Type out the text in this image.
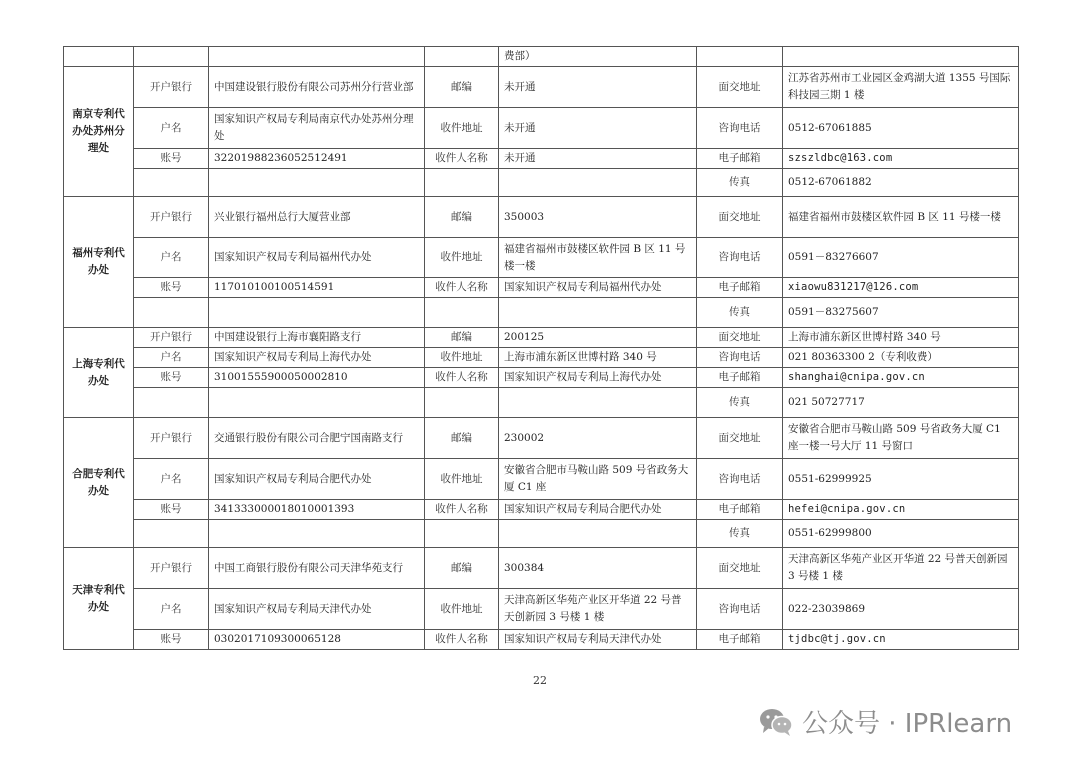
				费部）		
南京专利代办处苏州分理处	开户银行	中国建设银行股份有限公司苏州分行营业部	邮编	未开通	面交地址	江苏省苏州市工业园区金鸡湖大道 1355 号国际科技园三期 1 楼
	户名	国家知识产权局专利局南京代办处苏州分理处	收件地址	未开通	咨询电话	0512-67061885
	账号	32201988236052512491	收件人名称	未开通	电子邮箱	szszldbc@163.com
					传真	0512-67061882
福州专利代办处	开户银行	兴业银行福州总行大厦营业部	邮编	350003	面交地址	福建省福州市鼓楼区软件园 B 区 11 号楼一楼
	户名	国家知识产权局专利局福州代办处	收件地址	福建省福州市鼓楼区软件园 B 区 11 号楼一楼	咨询电话	0591－83276607
	账号	117010100100514591	收件人名称	国家知识产权局专利局福州代办处	电子邮箱	xiaowu831217@126.com
					传真	0591－83275607
上海专利代办处	开户银行	中国建设银行上海市襄阳路支行	邮编	200125	面交地址	上海市浦东新区世博村路 340 号
	户名	国家知识产权局专利局上海代办处	收件地址	上海市浦东新区世博村路 340 号	咨询电话	021 80363300 2（专利收费）
	账号	31001555900050002810	收件人名称	国家知识产权局专利局上海代办处	电子邮箱	shanghai@cnipa.gov.cn
					传真	021 50727717
合肥专利代办处	开户银行	交通银行股份有限公司合肥宁国南路支行	邮编	230002	面交地址	安徽省合肥市马鞍山路 509 号省政务大厦 C1 座一楼一号大厅 11 号窗口
	户名	国家知识产权局专利局合肥代办处	收件地址	安徽省合肥市马鞍山路 509 号省政务大厦 C1 座	咨询电话	0551-62999925
	账号	341333000018010001393	收件人名称	国家知识产权局专利局合肥代办处	电子邮箱	hefei@cnipa.gov.cn
					传真	0551-62999800
天津专利代办处	开户银行	中国工商银行股份有限公司天津华苑支行	邮编	300384	面交地址	天津高新区华苑产业区开华道 22 号普天创新园 3 号楼 1 楼
	户名	国家知识产权局专利局天津代办处	收件地址	天津高新区华苑产业区开华道 22 号普天创新园 3 号楼 1 楼	咨询电话	022-23039869
	账号	0302017109300065128	收件人名称	国家知识产权局专利局天津代办处	电子邮箱	tjdbc@tj.gov.cn
22
公众号 · IPRlearn
